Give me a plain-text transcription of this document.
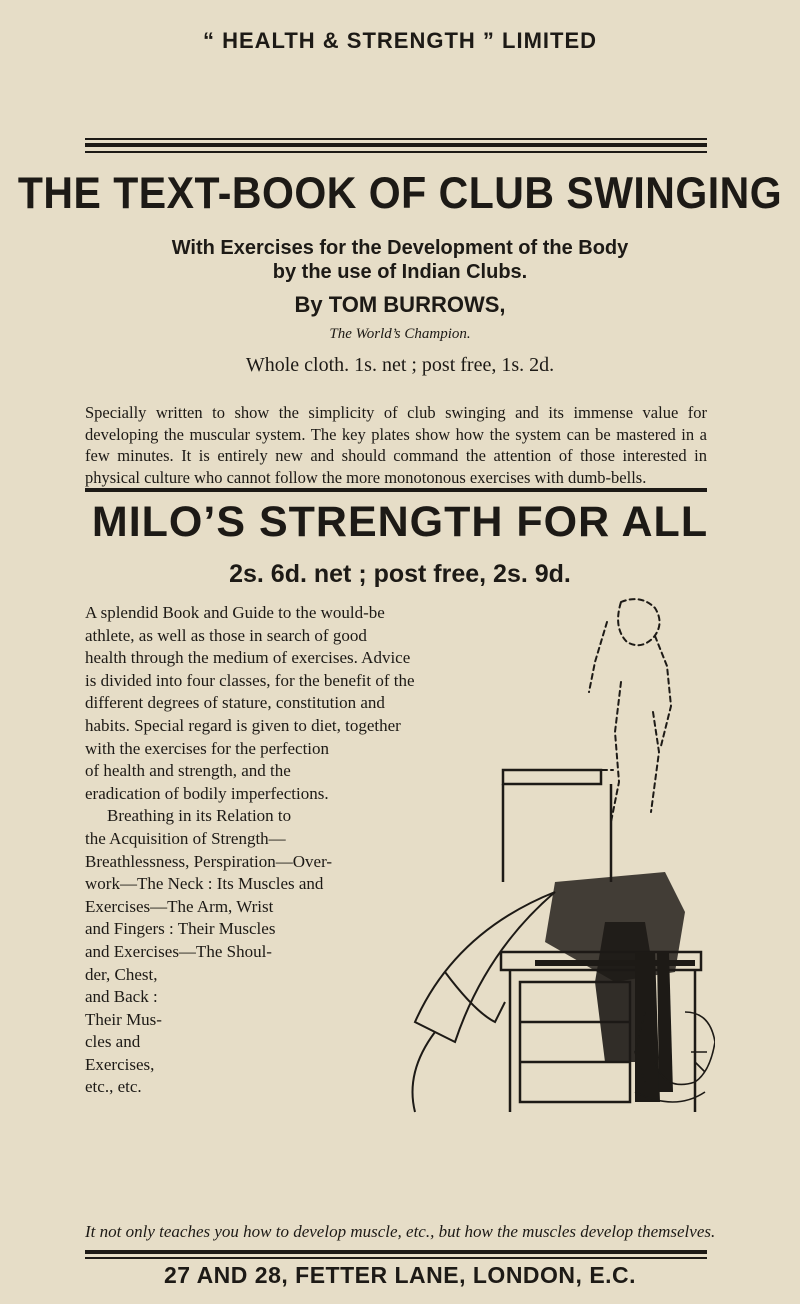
“ HEALTH & STRENGTH ” LIMITED
THE TEXT-BOOK OF CLUB SWINGING
With Exercises for the Development of the Body
by the use of Indian Clubs.
By TOM BURROWS,
The World’s Champion.
Whole cloth. 1s. net ; post free, 1s. 2d.
Specially written to show the simplicity of club swinging and its immense value for developing the muscular system. The key plates show how the system can be mastered in a few minutes. It is entirely new and should command the attention of those interested in physical culture who cannot follow the more monotonous exercises with dumb-bells.
MILO’S STRENGTH FOR ALL
2s. 6d. net ; post free, 2s. 9d.
A splendid Book and Guide to the would-be
athlete, as well as those in search of good
health through the medium of exercises. Advice
is divided into four classes, for the benefit of the
different degrees of stature, constitution and
habits. Special regard is given to diet, together
with the exercises for the perfection
of health and strength, and the
eradication of bodily imperfections.
Breathing in its Relation to
the Acquisition of Strength—
Breathlessness, Perspiration—Over-
work—The Neck : Its Muscles and
Exercises—The Arm, Wrist
and Fingers : Their Muscles
and Exercises—The Shoul-
der, Chest,
and Back :
Their Mus-
cles and
Exercises,
etc., etc.
It not only teaches you how to develop muscle, etc., but how the muscles develop themselves.
27 AND 28, FETTER LANE, LONDON, E.C.
